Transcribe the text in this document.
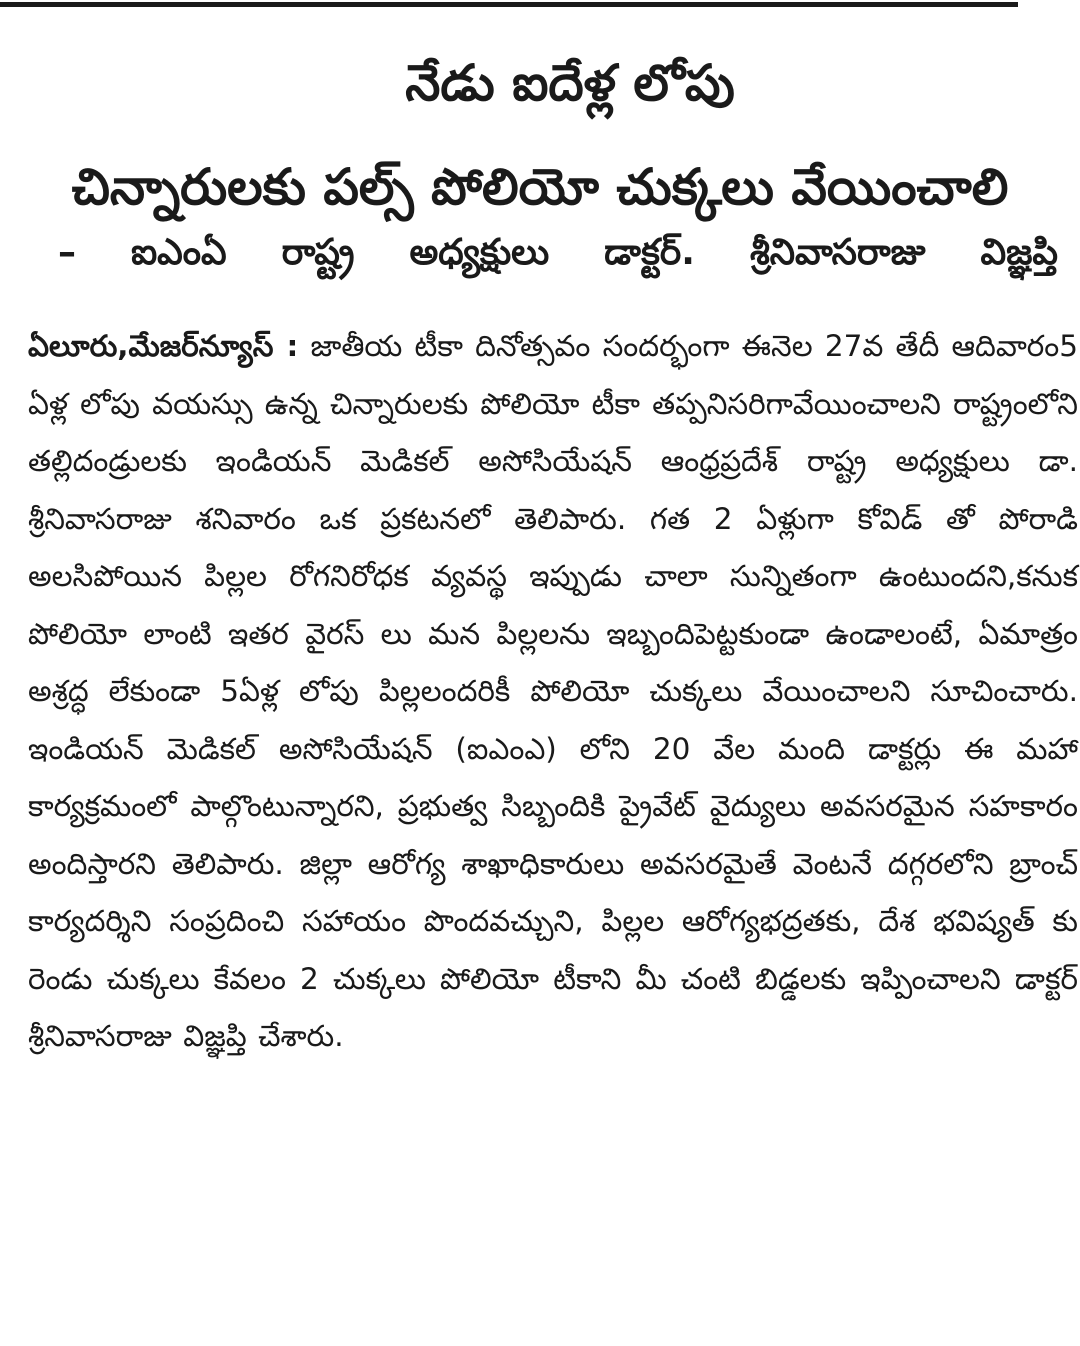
నేడు ఐదేళ్ల లోపు
చిన్నారులకు పల్స్ పోలియో చుక్కలు వేయించాలి
– ఐఎంఏ రాష్ట్ర అధ్యక్షులు డాక్టర్. శ్రీనివాసరాజు విజ్ఞప్తి
ఏలూరు,మేజర్‌న్యూస్ : జాతీయ టీకా దినోత్సవం సందర్భంగా ఈనెల 27వ తేదీ ఆదివారం5 ఏళ్ల లోపు వయస్సు ఉన్న చిన్నారులకు పోలియో టీకా తప్పనిసరిగావేయించాలని రాష్ట్రంలోని తల్లిదండ్రులకు ఇండియన్ మెడికల్ అసోసియేషన్ ఆంధ్రప్రదేశ్ రాష్ట్ర అధ్యక్షులు డా. శ్రీనివాసరాజు శనివారం ఒక ప్రకటనలో తెలిపారు. గత 2 ఏళ్లుగా కోవిడ్ తో పోరాడి అలసిపోయిన పిల్లల రోగనిరోధక వ్యవస్థ ఇప్పుడు చాలా సున్నితంగా ఉంటుందని,కనుక పోలియో లాంటి ఇతర వైరస్ లు మన పిల్లలను ఇబ్బందిపెట్టకుండా ఉండాలంటే, ఏమాత్రం అశ్రద్ధ లేకుండా 5ఏళ్ల లోపు పిల్లలందరికీ పోలియో చుక్కలు వేయించాలని సూచించారు. ఇండియన్ మెడికల్ అసోసియేషన్ (ఐఎంఎ) లోని 20 వేల మంది డాక్టర్లు ఈ మహా కార్యక్రమంలో పాల్గొంటున్నారని, ప్రభుత్వ సిబ్బందికి ప్రైవేట్ వైద్యులు అవసరమైన సహకారం అందిస్తారని తెలిపారు. జిల్లా ఆరోగ్య శాఖాధికారులు అవసరమైతే వెంటనే దగ్గరలోని బ్రాంచ్ కార్యదర్శిని సంప్రదించి సహాయం పొందవచ్చుని, పిల్లల ఆరోగ్యభద్రతకు, దేశ భవిష్యత్ కు రెండు చుక్కలు కేవలం 2 చుక్కలు పోలియో టీకాని మీ చంటి బిడ్డలకు ఇప్పించాలని డాక్టర్ శ్రీనివాసరాజు విజ్ఞప్తి చేశారు.
